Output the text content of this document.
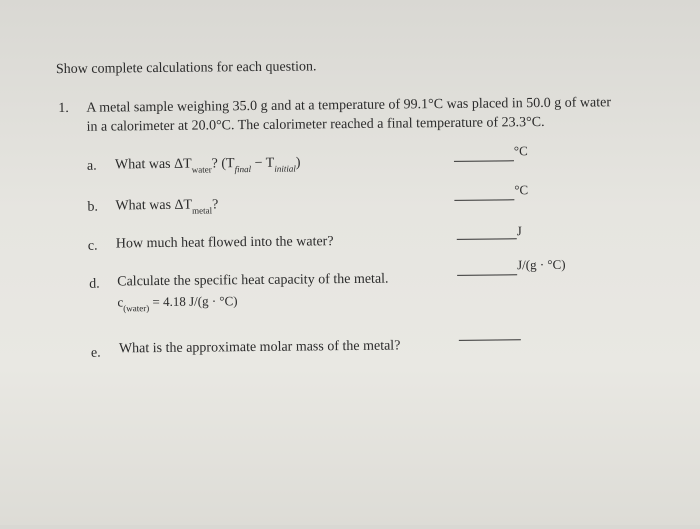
Show complete calculations for each question.
1. A metal sample weighing 35.0 g and at a temperature of 99.1°C was placed in 50.0 g of water
in a calorimeter at 20.0°C. The calorimeter reached a final temperature of 23.3°C.
a. What was $\Delta T_{water}$? $(T_{final} - T_{initial})$
$^{^\circ C}$
b. What was $\Delta T_{metal}$?
$^{^\circ C}$
c. How much heat flowed into the water?
$^J$
d. Calculate the specific heat capacity of the metal.
$c_{(water)} = 4.18$ J/(g · °C)
$^{J/(g \cdot ^\circ C)}$
e. What is the approximate molar mass of the metal?
